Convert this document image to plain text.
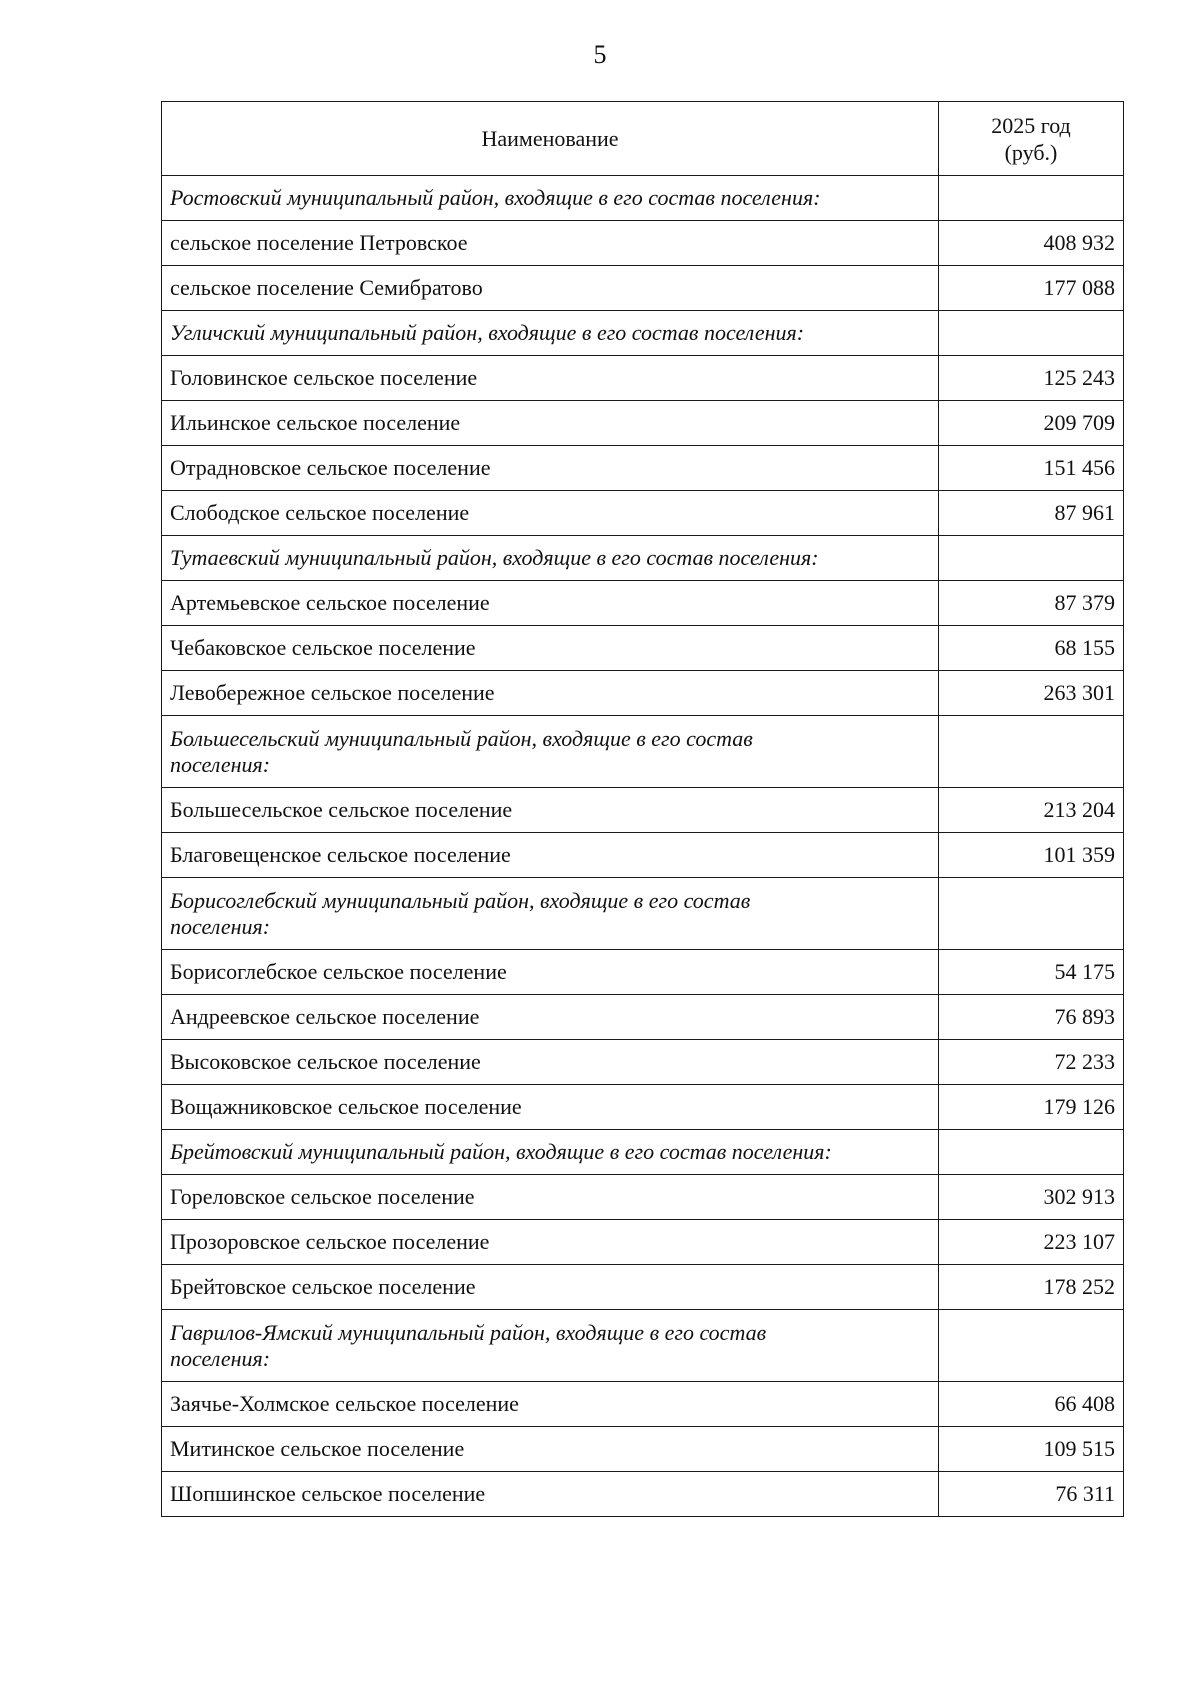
5
Наименование	2025 год
(руб.)

Ростовский муниципальный район, входящие в его состав поселения:	
сельское поселение Петровское	408 932
сельское поселение Семибратово	177 088
Угличский муниципальный район, входящие в его состав поселения:	
Головинское сельское поселение	125 243
Ильинское сельское поселение	209 709
Отрадновское сельское поселение	151 456
Слободское сельское поселение	87 961
Тутаевский муниципальный район, входящие в его состав поселения:	
Артемьевское сельское поселение	87 379
Чебаковское сельское поселение	68 155
Левобережное сельское поселение	263 301

Большесельский муниципальный район, входящие в его состав
поселения:	

Большесельское сельское поселение	213 204
Благовещенское сельское поселение	101 359

Борисоглебский муниципальный район, входящие в его состав
поселения:	

Борисоглебское сельское поселение	54 175
Андреевское сельское поселение	76 893
Высоковское сельское поселение	72 233
Вощажниковское сельское поселение	179 126
Брейтовский муниципальный район, входящие в его состав поселения:	
Гореловское сельское поселение	302 913
Прозоровское сельское поселение	223 107
Брейтовское сельское поселение	178 252

Гаврилов-Ямский муниципальный район, входящие в его состав
поселения:	

Заячье-Холмское сельское поселение	66 408
Митинское сельское поселение	109 515
Шопшинское сельское поселение	76 311
